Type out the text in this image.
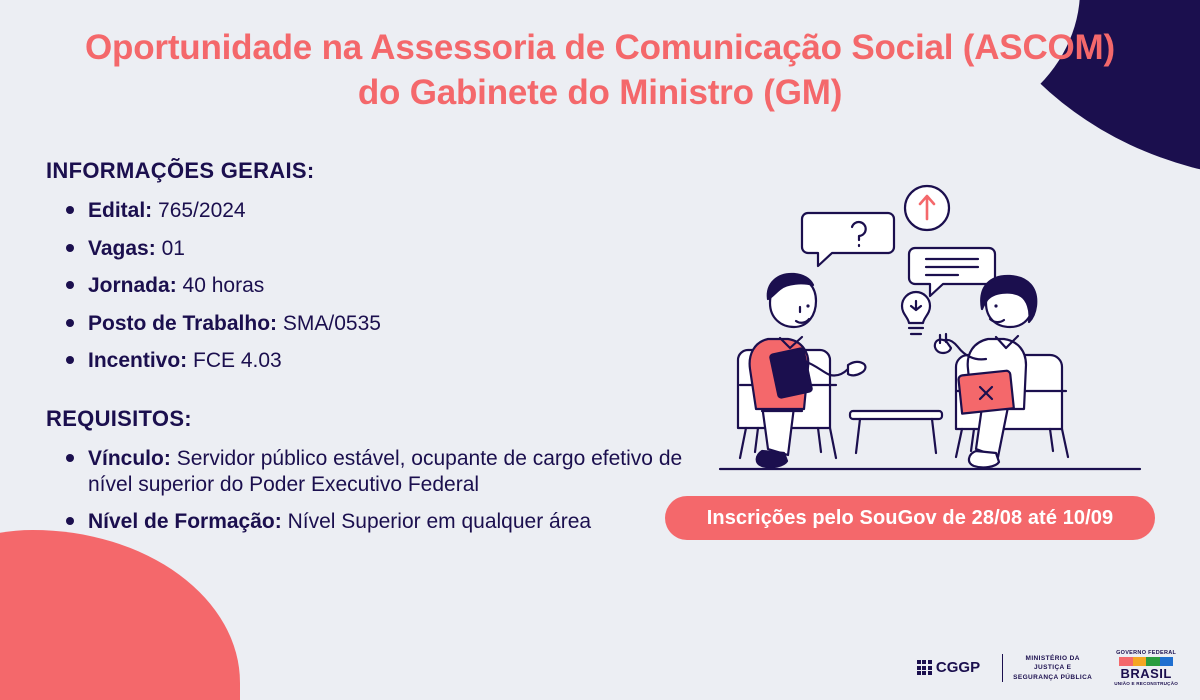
Oportunidade na Assessoria de Comunicação Social (ASCOM) do Gabinete do Ministro (GM)
INFORMAÇÕES GERAIS:
Edital: 765/2024
Vagas: 01
Jornada: 40 horas
Posto de Trabalho: SMA/0535
Incentivo: FCE 4.03
REQUISITOS:
Vínculo: Servidor público estável, ocupante de cargo efetivo de nível superior do Poder Executivo Federal
Nível de Formação: Nível Superior em qualquer área	Inscrições pelo SouGov de 28/08 até 10/09
CGGP
MINISTÉRIO DA
JUSTIÇA E
SEGURANÇA PÚBLICA
GOVERNO FEDERAL
BRASIL
UNIÃO E RECONSTRUÇÃO
